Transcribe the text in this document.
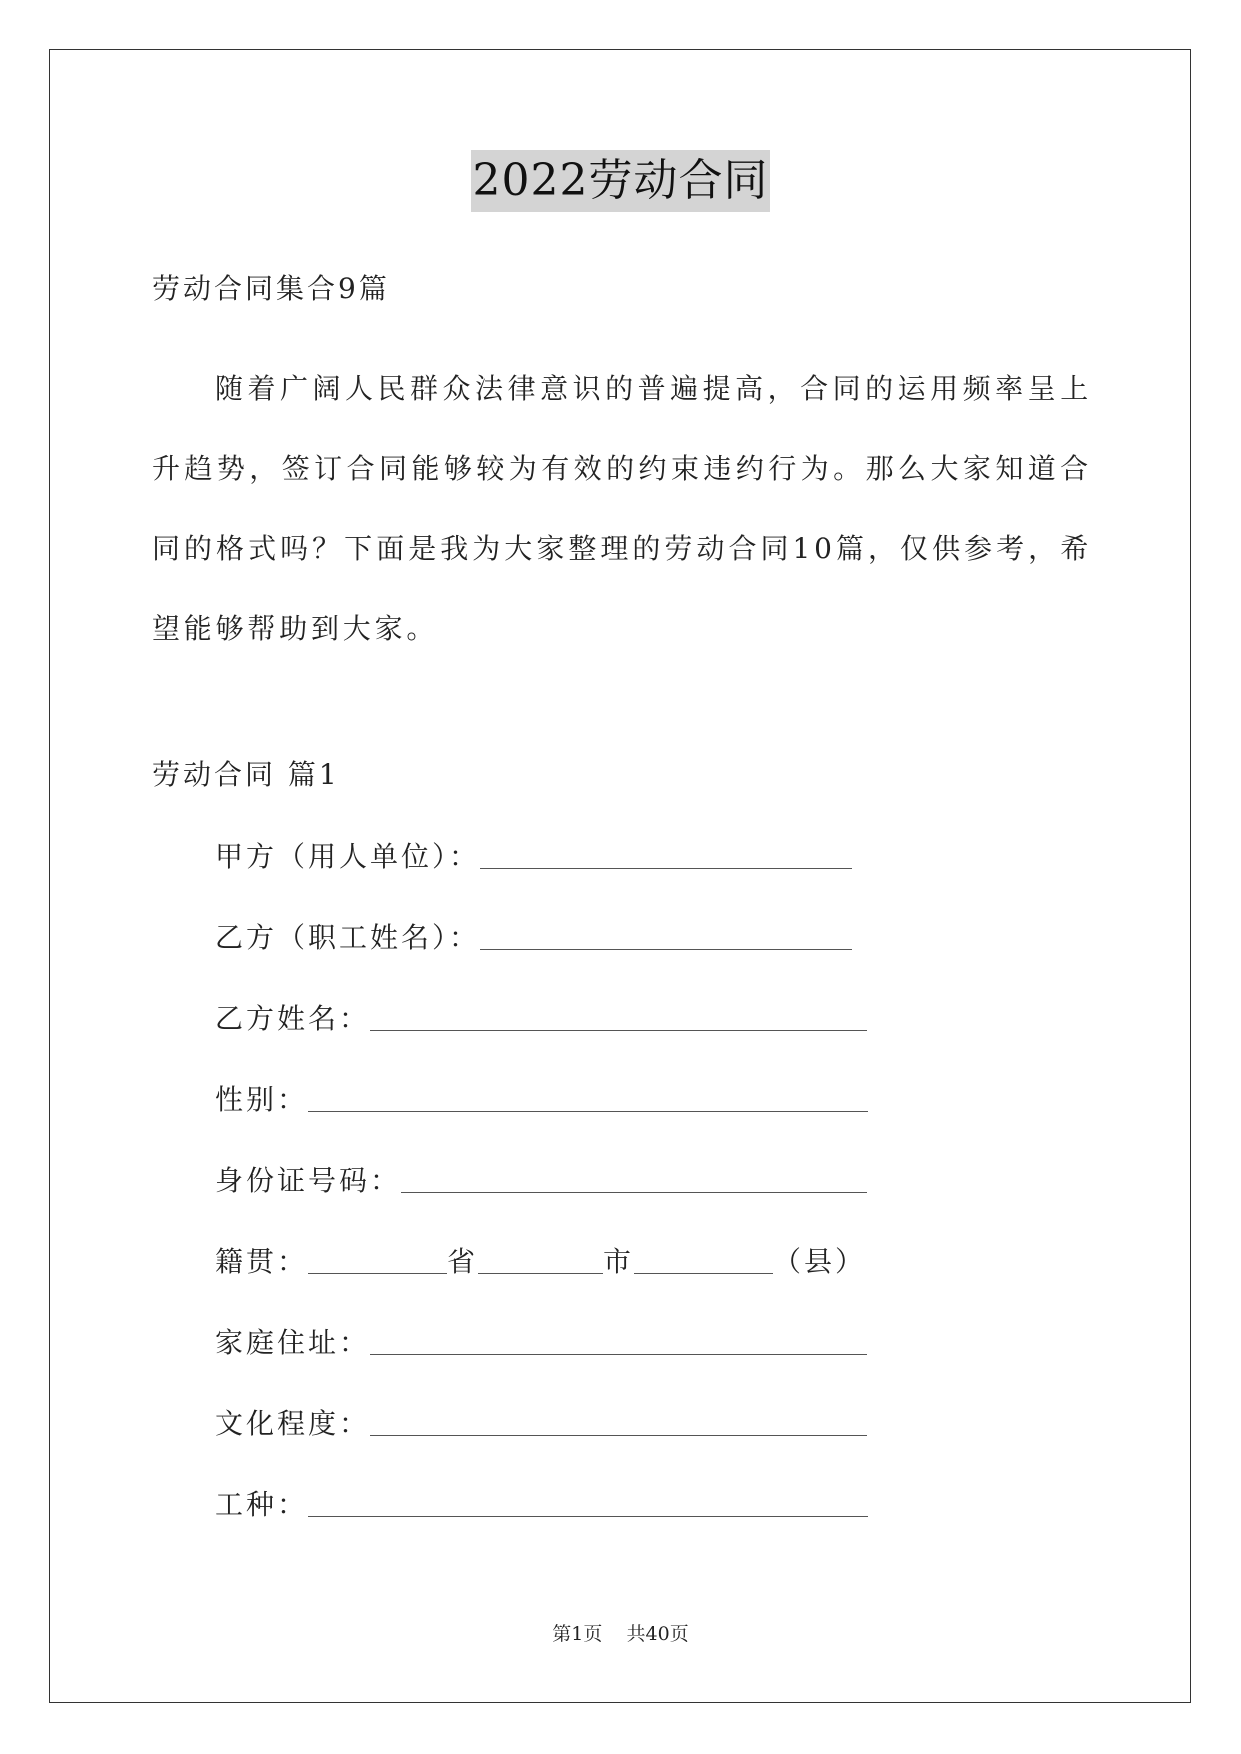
2022劳动合同
劳动合同集合9篇
随着广阔人民群众法律意识的普遍提高，合同的运用频率呈上升趋势，签订合同能够较为有效的约束违约行为。那么大家知道合同的格式吗？下面是我为大家整理的劳动合同10篇，仅供参考，希望能够帮助到大家。
劳动合同 篇1
甲方（用人单位）：
乙方（职工姓名）：
乙方姓名：
性别：
身份证号码：
籍贯：	省	市	（县）
家庭住址：
文化程度：
工种：
第1页 共40页
